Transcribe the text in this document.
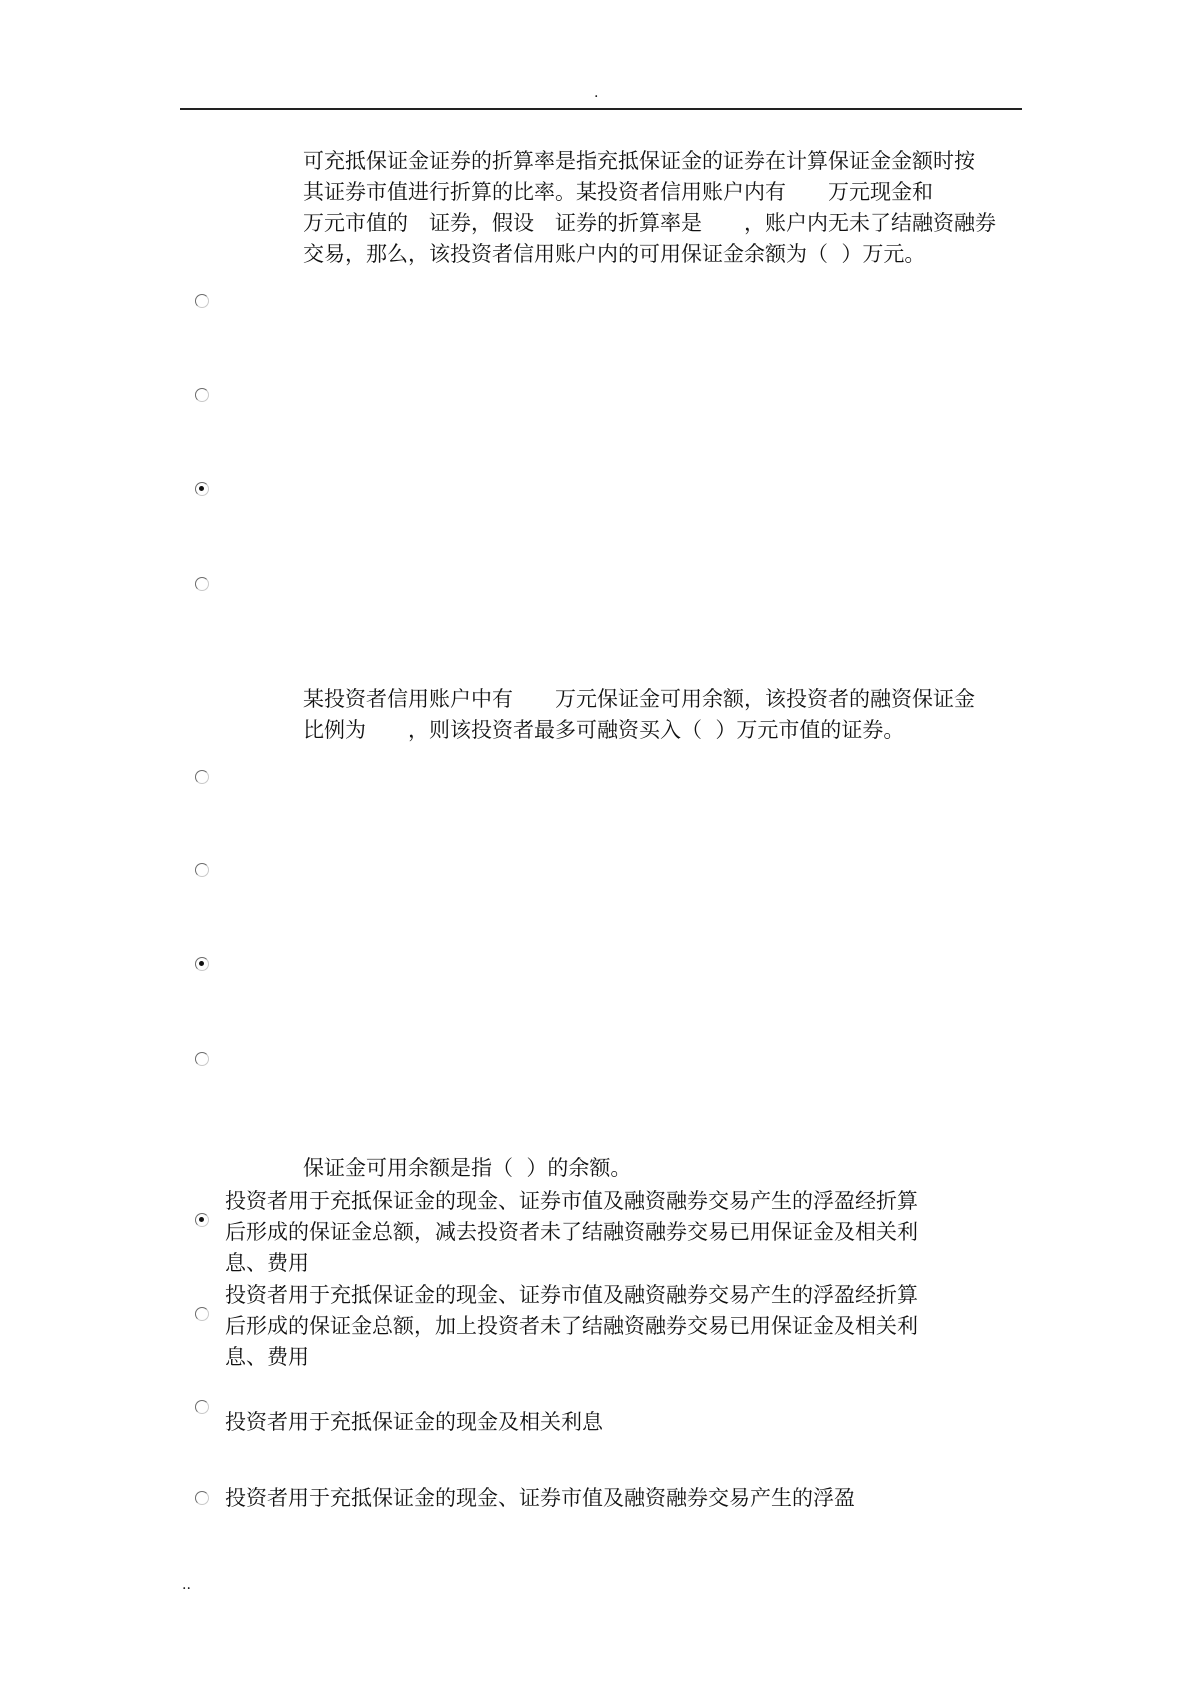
.
可充抵保证金证券的折算率是指充抵保证金的证券在计算保证金金额时按
其证券市值进行折算的比率。某投资者信用账户内有　　万元现金和
万元市值的　证券，假设　证券的折算率是　　，账户内无未了结融资融券
交易，那么，该投资者信用账户内的可用保证金余额为（  ）万元。
某投资者信用账户中有　　万元保证金可用余额，该投资者的融资保证金
比例为　　，则该投资者最多可融资买入（  ）万元市值的证券。
保证金可用余额是指（  ）的余额。
投资者用于充抵保证金的现金、证券市值及融资融券交易产生的浮盈经折算
后形成的保证金总额，减去投资者未了结融资融券交易已用保证金及相关利
息、费用
投资者用于充抵保证金的现金、证券市值及融资融券交易产生的浮盈经折算
后形成的保证金总额，加上投资者未了结融资融券交易已用保证金及相关利
息、费用
投资者用于充抵保证金的现金及相关利息
投资者用于充抵保证金的现金、证券市值及融资融券交易产生的浮盈
..
